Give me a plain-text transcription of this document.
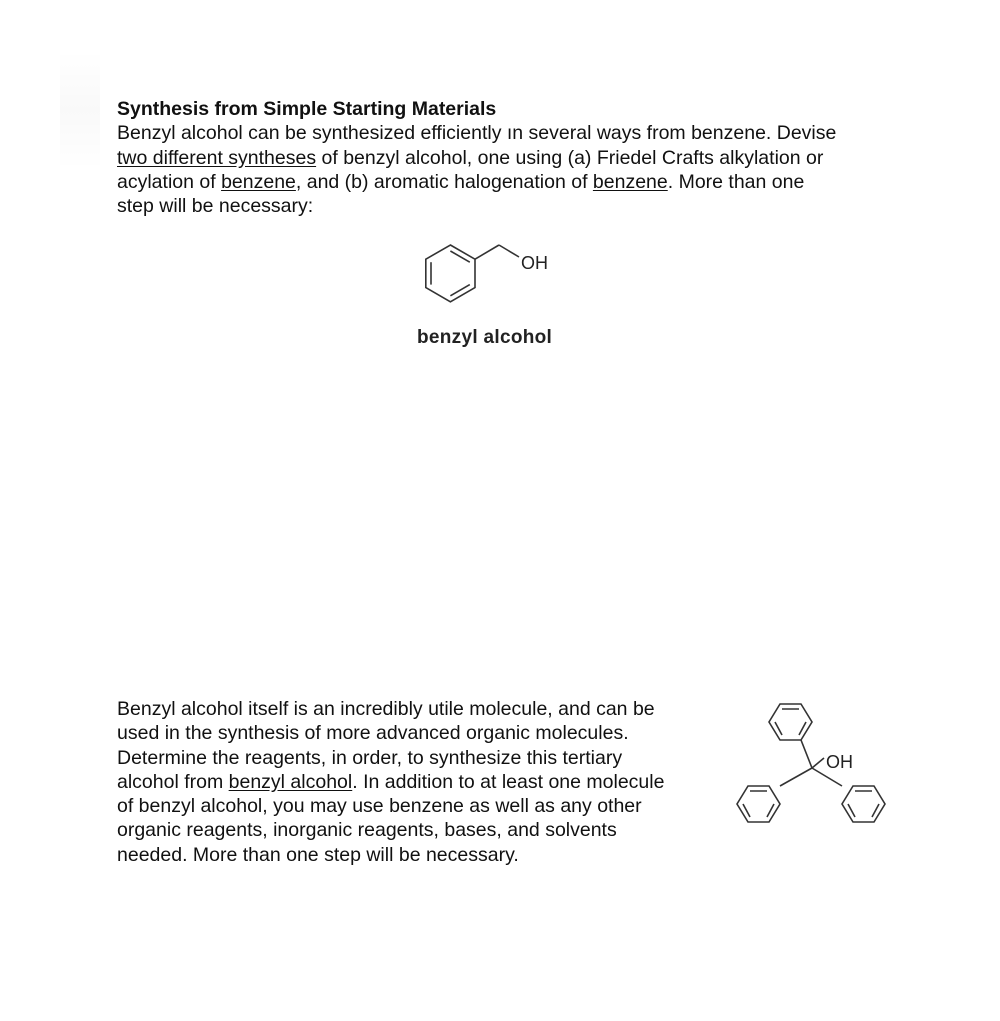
Synthesis from Simple Starting Materials
Benzyl alcohol can be synthesized efficiently ın several ways from benzene. Devise
two different syntheses of benzyl alcohol, one using (a) Friedel Crafts alkylation or
acylation of benzene, and (b) aromatic halogenation of benzene. More than one
step will be necessary:
OH
benzyl alcohol
Benzyl alcohol itself is an incredibly utile molecule, and can be
used in the synthesis of more advanced organic molecules.
Determine the reagents, in order, to synthesize this tertiary
alcohol from benzyl alcohol. In addition to at least one molecule
of benzyl alcohol, you may use benzene as well as any other
organic reagents, inorganic reagents, bases, and solvents
needed. More than one step will be necessary.
OH
